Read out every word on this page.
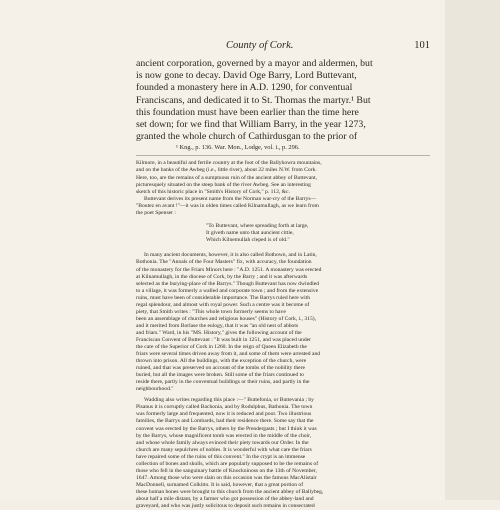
County of Cork.	101

ancient corporation, governed by a mayor and aldermen, but
is now gone to decay. David Oge Barry, Lord Buttevant,
founded a monastery here in A.D. 1290, for conventual
Franciscans, and dedicated it to St. Thomas the martyr.¹ But
this foundation must have been earlier than the time here
set down; for we find that William Barry, in the year 1273,
granted the whole church of Cathirdusgan to the prior of

¹ Kng., p. 136. War. Mon., Lodge, vol. i., p. 296.
Kilmore, in a beautiful and fertile country at the foot of the Ballyhowra mountains,
and on the banks of the Awbeg (i.e., little river), about 22 miles N.W. from Cork.
Here, too, are the remains of a sumptuous ruin of the ancient abbey of Buttevant,
picturesquely situated on the steep bank of the river Awbeg. See an interesting
sketch of this historic place in "Smith's History of Cork," p. 112, &c.
Buttevant derives its present name from the Norman war-cry of the Barrys—
"Boutez en avant !"—it was in olden times called Kilnamullagh, as we learn from
the poet Spenser :
"To Buttevant, where spreading forth at large,
It giveth name unto that auncient cittie,
Which Kilnemullah cleped is of old."
In many ancient documents, however, it is also called Bothown, and in Latin,
Bothonia. The "Annals of the Four Masters" fix, with accuracy, the foundation
of the monastery for the Friars Minors here : "A.D. 1251. A monastery was erected
at Kilnamullagh, in the diocese of Cork, by the Barry ; and it was afterwards
selected as the burying-place of the Barrys." Though Buttevant has now dwindled
to a village, it was formerly a walled and corporate town ; and from the extensive
ruins, must have been of considerable importance. The Barrys ruled here with
regal splendour, and almost with royal power. Such a centre was it become of
piety, that Smith writes : "This whole town formerly seems to have
been an assemblage of churches and religious houses" (History of Cork, i., 315),
and it merited from Borlase the eulogy, that it was "an old nest of abbots
and friars." Ward, in his "MS. History," gives the following account of the
Franciscan Convent of Buttevant : "It was built in 1251, and was placed under
the care of the Superior of Cork in 1260. In the reign of Queen Elizabeth the
friars were several times driven away from it, and some of them were arrested and
thrown into prison. All the buildings, with the exception of the church, were
ruined, and that was preserved on account of the tombs of the nobility there
buried, but all the images were broken. Still some of the friars continued to
reside there, partly in the conventual buildings or their ruins, and partly in the
neighbourhood."
Wadding also writes regarding this place :—" Buttefonia, or Buttevania ; by
Pisanus it is corruptly called Bachonia, and by Rodulphus, Bathonia. The town
was formerly large and frequented, now it is reduced and poor. Two illustrious
families, the Barrys and Lombards, had their residence there. Some say that the
convent was erected by the Barrys, others by the Prendergasts ; but I think it was
by the Barrys, whose magnificent tomb was erected in the middle of the choir,
and whose whole family always evinced their piety towards our Order. In the
church are many sepulchres of nobles. It is wonderful with what care the friars
have repaired some of the ruins of this convent." In the crypt is an immense
collection of bones and skulls, which are popularly supposed to be the remains of
those who fell in the sanguinary battle of Knockninoss on the 13th of November,
1647. Among those who were slain on this occasion was the famous MacAlistair
MacDonnell, surnamed Colkitto. It is said, however, that a great portion of
these human bones were brought to this church from the ancient abbey of Ballybeg,
about half a mile distant, by a farmer who got possession of the abbey-land and
graveyard, and who was justly solicitous to deposit such remains in consecrated
